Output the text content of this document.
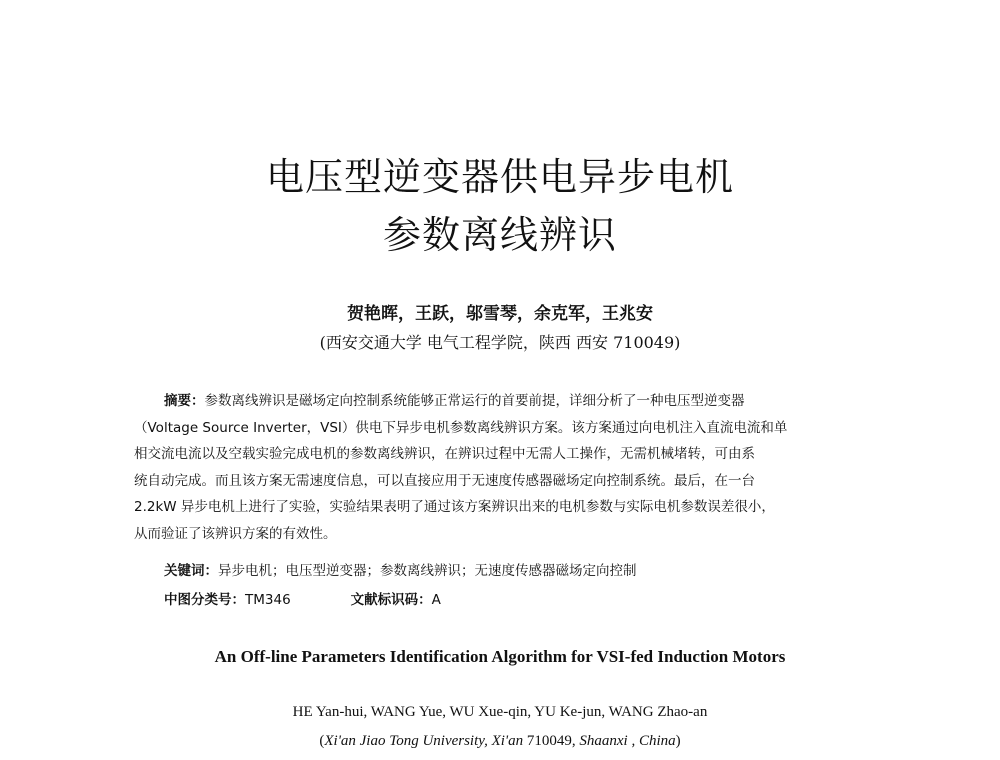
电压型逆变器供电异步电机
参数离线辨识
贺艳晖，王跃，邬雪琴，余克军，王兆安
(西安交通大学 电气工程学院，陕西 西安 710049)
摘要：参数离线辨识是磁场定向控制系统能够正常运行的首要前提，详细分析了一种电压型逆变器
（Voltage Source Inverter，VSI）供电下异步电机参数离线辨识方案。该方案通过向电机注入直流电流和单
相交流电流以及空载实验完成电机的参数离线辨识，在辨识过程中无需人工操作，无需机械堵转，可由系
统自动完成。而且该方案无需速度信息，可以直接应用于无速度传感器磁场定向控制系统。最后，在一台
2.2kW 异步电机上进行了实验，实验结果表明了通过该方案辨识出来的电机参数与实际电机参数误差很小，
从而验证了该辨识方案的有效性。
关键词：异步电机；电压型逆变器；参数离线辨识；无速度传感器磁场定向控制
中图分类号：TM346	文献标识码：A
An Off-line Parameters Identification Algorithm for VSI-fed Induction Motors
HE Yan-hui, WANG Yue, WU Xue-qin, YU Ke-jun, WANG Zhao-an
(Xi'an Jiao Tong University, Xi'an 710049, Shaanxi , China)
